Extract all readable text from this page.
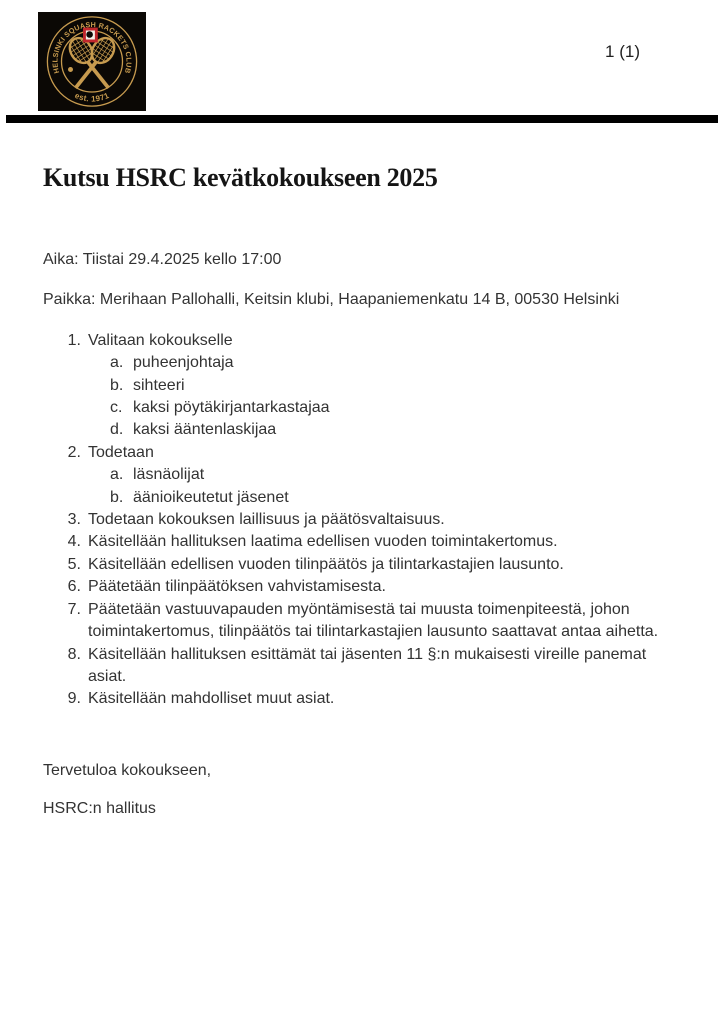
HELSINKI SQUASH RACKETS CLUB
est. 1971
1 (1)
Kutsu HSRC kevätkokoukseen 2025

Aika: Tiistai 29.4.2025 kello 17:00

Paikka: Merihaan Pallohalli, Keitsin klubi, Haapaniemenkatu 14 B, 00530 Helsinki

1. Valitaan kokoukselle
a. puheenjohtaja
b. sihteeri
c. kaksi pöytäkirjantarkastajaa
d. kaksi ääntenlaskijaa
2. Todetaan
a. läsnäolijat
b. äänioikeutetut jäsenet
3. Todetaan kokouksen laillisuus ja päätösvaltaisuus.
4. Käsitellään hallituksen laatima edellisen vuoden toimintakertomus.
5. Käsitellään edellisen vuoden tilinpäätös ja tilintarkastajien lausunto.
6. Päätetään tilinpäätöksen vahvistamisesta.
7. Päätetään vastuuvapauden myöntämisestä tai muusta toimenpiteestä, johon toimintakertomus, tilinpäätös tai tilintarkastajien lausunto saattavat antaa aihetta.
8. Käsitellään hallituksen esittämät tai jäsenten 11 §:n mukaisesti vireille panemat asiat.
9. Käsitellään mahdolliset muut asiat.

Tervetuloa kokoukseen,

HSRC:n hallitus
